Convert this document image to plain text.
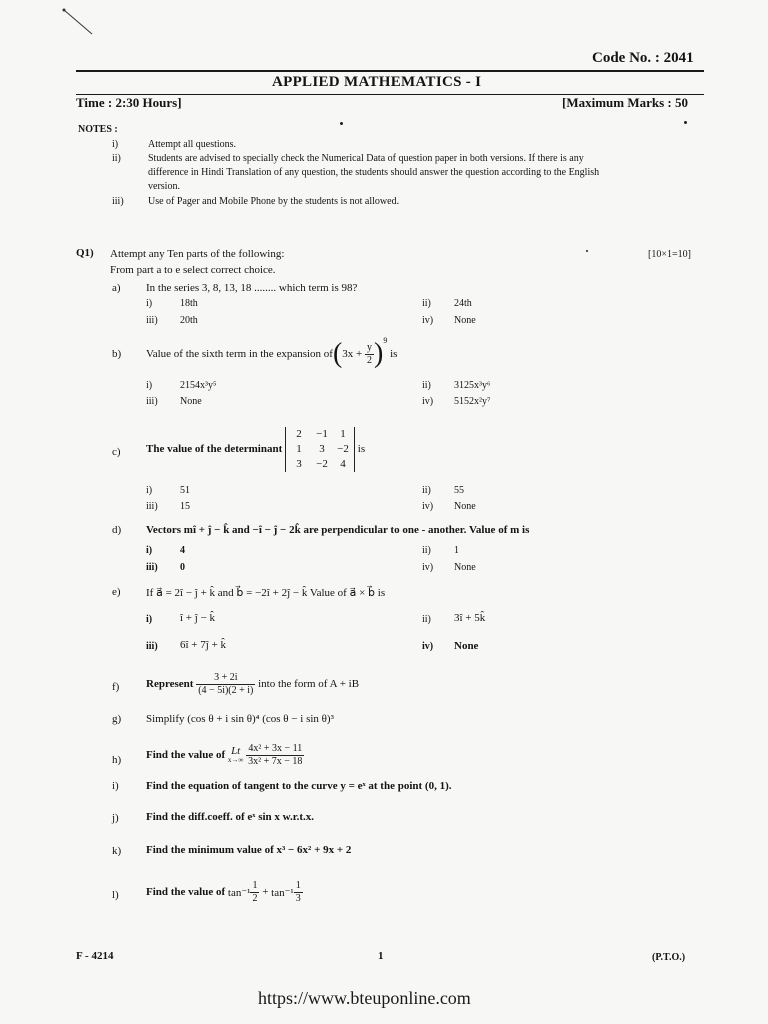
Code No. : 2041
APPLIED MATHEMATICS - I
Time : 2:30 Hours]	[Maximum Marks : 50
NOTES :
i)	Attempt all questions.
ii)	Students are advised to specially check the Numerical Data of question paper in both versions. If there is any
difference in Hindi Translation of any question, the students should answer the question according to the English
version.
iii) Use of Pager and Mobile Phone by the students is not allowed.
Q1) Attempt any Ten parts of the following:	[10×1=10]
From part a to e select correct choice.
a) In the series 3, 8, 13, 18 ........ which term is 98?
i)	18th	ii) 24th
iii) 20th	iv) None
b) Value of the sixth term in the expansion of ( 3x +
$\frac{y}{2} )^9$

is
i)	2154x³y⁵	ii) 3125x³y⁶
iii) None	iv) 5152x²y⁷
c) The value of the determinant

2	−1	1
1	3	−2
3	−2	4

is
i)	51	ii) 55
iii) 15	iv) None
d) Vectors mî + ĵ − k̂ and −î − ĵ − 2k̂ are perpendicular to one - another. Value of m is
i)	4	ii) 1
iii) 0	iv) None
e) If a⃗ = 2î − ĵ + k̂ and b⃗ = −2î + 2ĵ − k̂ Value of a⃗ × b⃗ is
i)	î + ĵ − k̂	ii) 3î + 5k̂
iii) 6î + 7ĵ + k̂	iv) None
f) Represent
$\frac{3 + 2i}{(4 - 5i)(2 + i)}$
into the form of A + iB
g) Simplify (cos θ + i sin θ)⁴ (cos θ − i sin θ)³
h) Find the value of
Lt
x→∞
$\frac{\text{4x² + 3x − 11}}{\text{3x² + 7x − 18}}$
i) Find the equation of tangent to the curve y = eˣ at the point (0, 1).
j) Find the diff.coeff. of eˣ sin x w.r.t.x.
k) Find the minimum value of x³ − 6x² + 9x + 2
l) Find the value of
$\tan^{-1} \frac{1}{2}$
+
$\tan^{-1} \frac{1}{3}$
F - 4214	1	(P.T.O.)
https://www.bteuponline.com
